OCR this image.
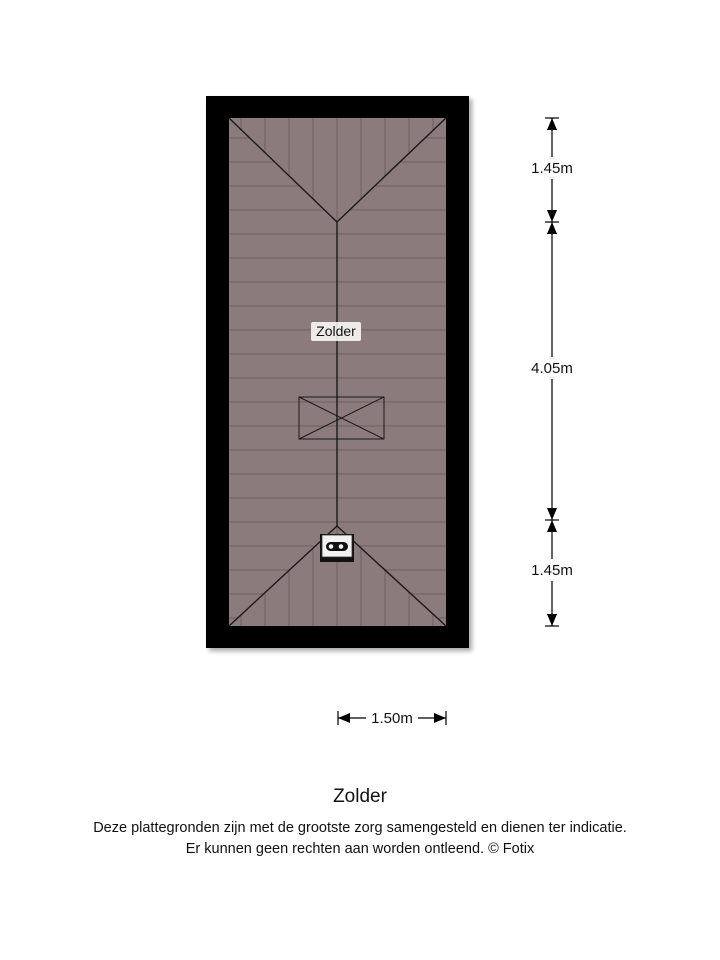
Zolder
1.45m
4.05m
1.45m
1.50m
Zolder
Deze plattegronden zijn met de grootste zorg samengesteld en dienen ter indicatie.
Er kunnen geen rechten aan worden ontleend. © Fotix
